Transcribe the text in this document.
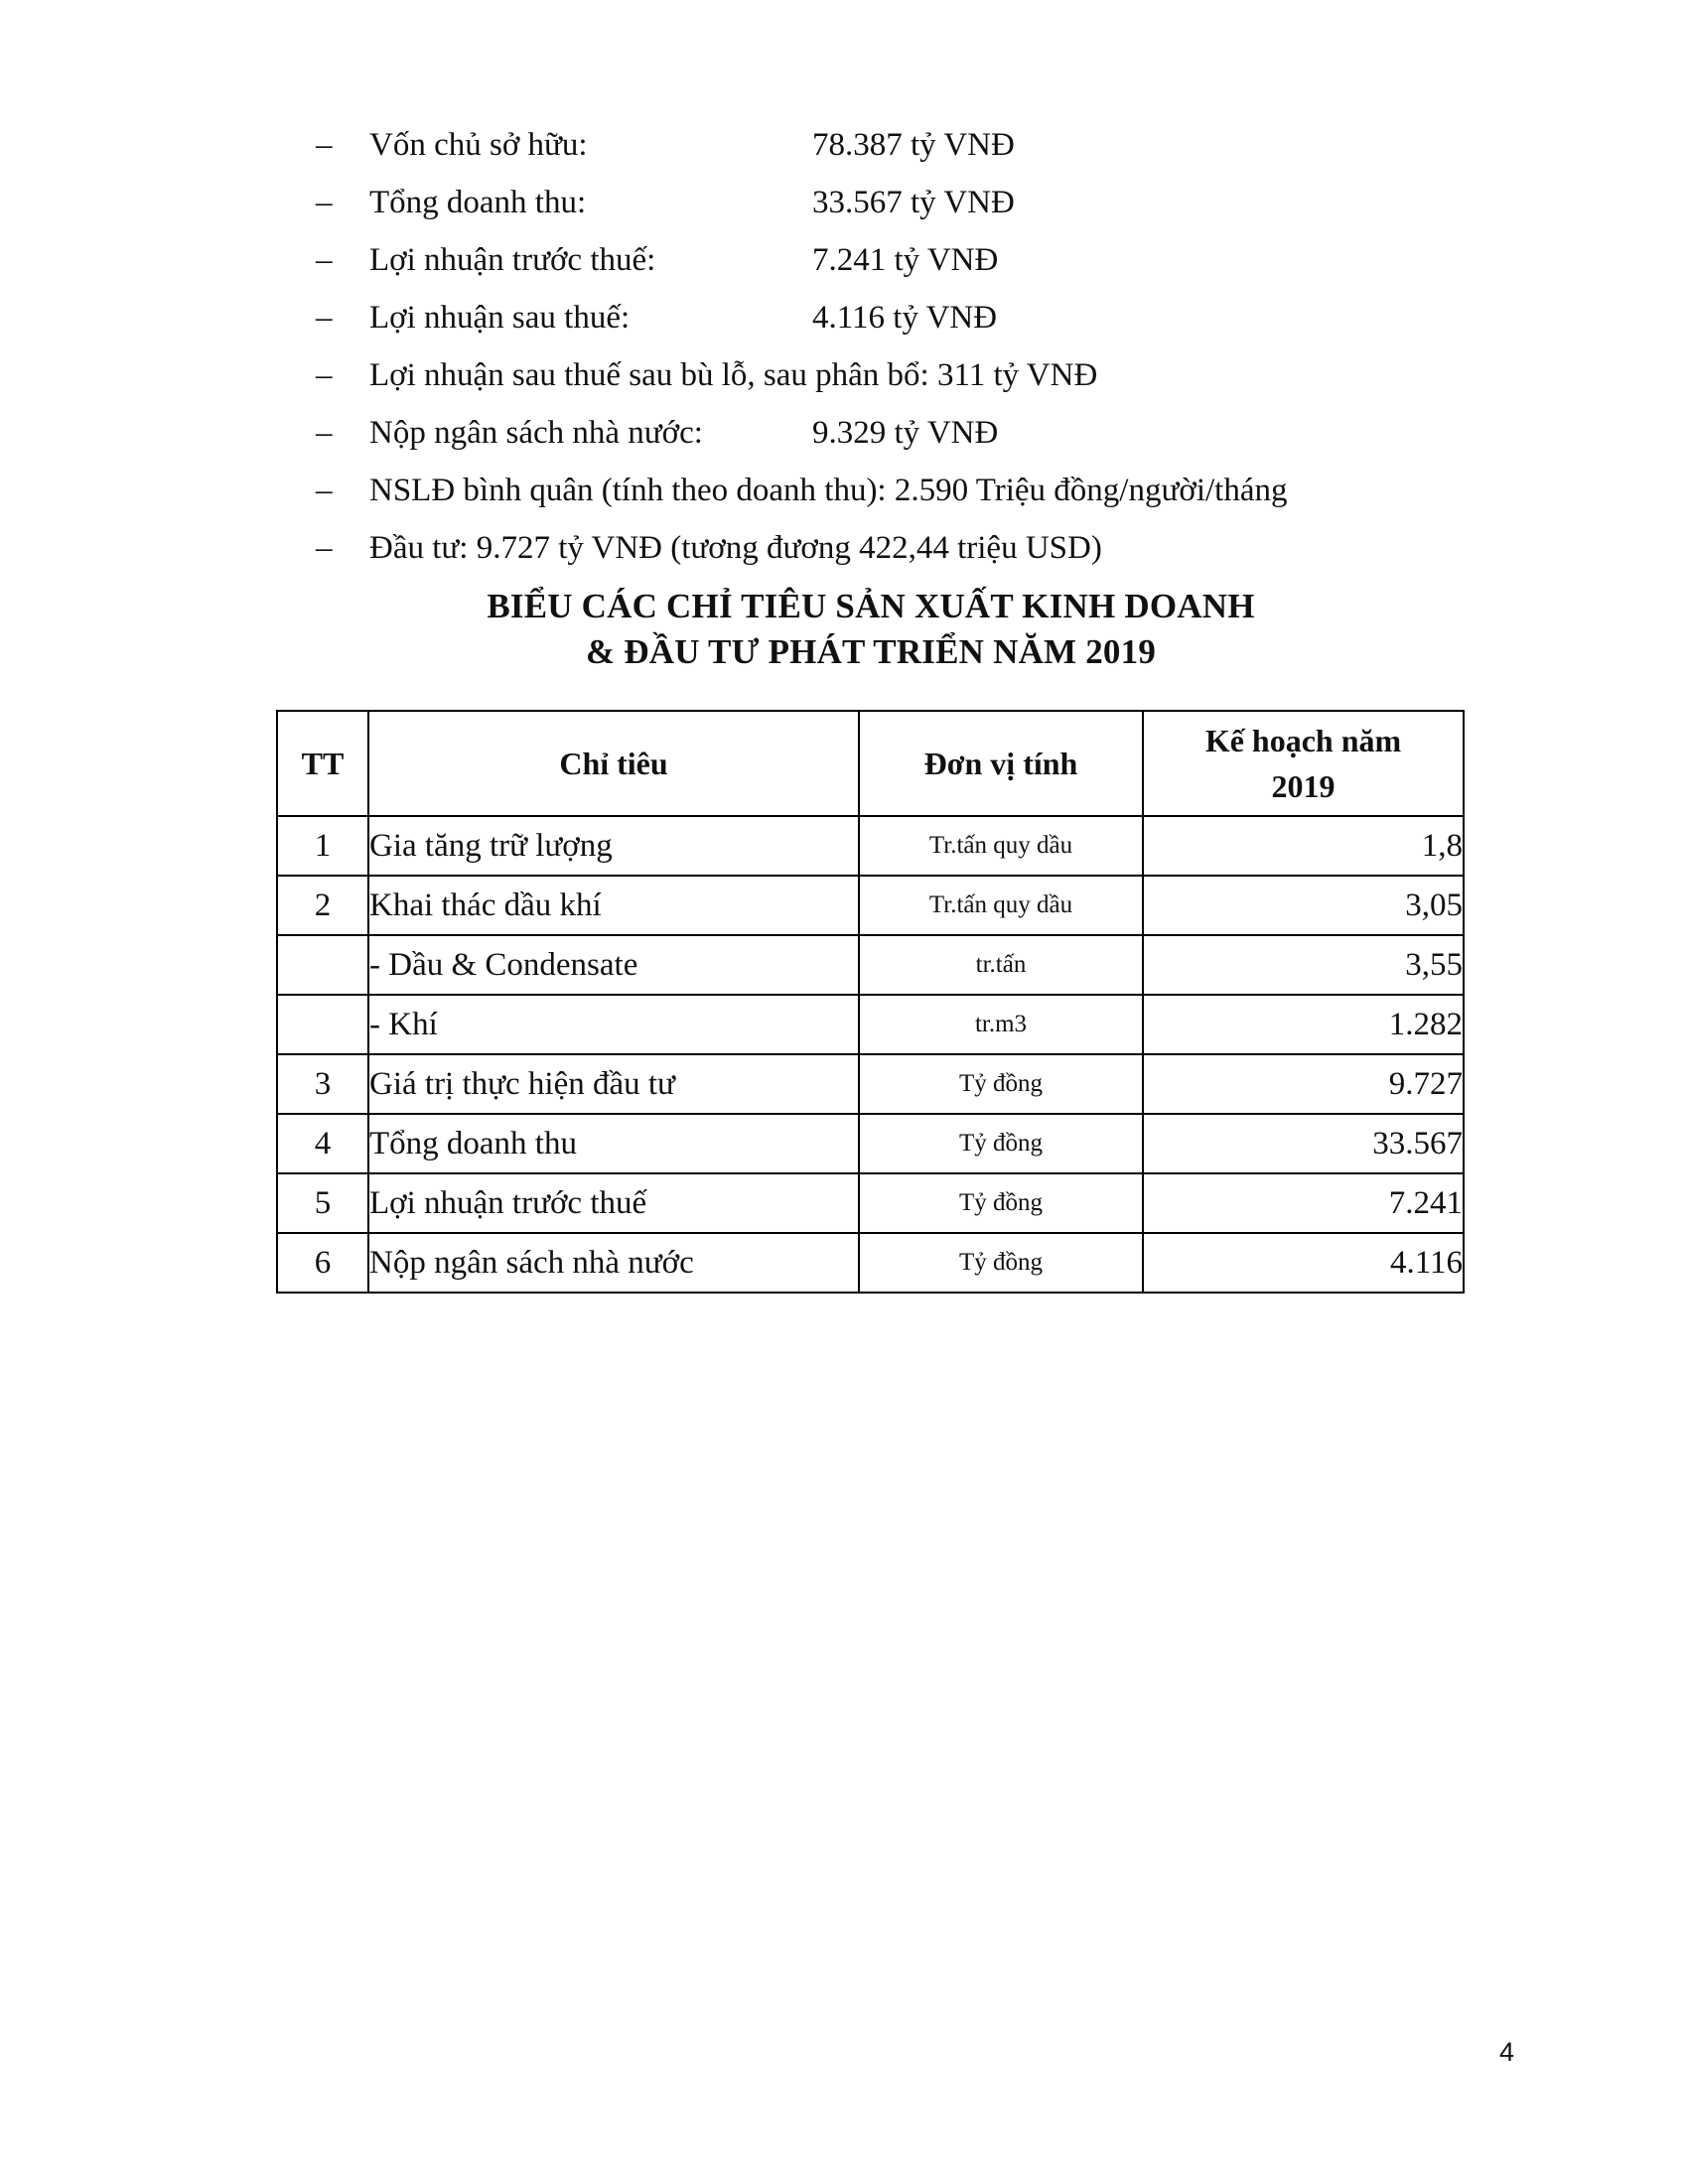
–	Vốn chủ sở hữu:	78.387 tỷ VNĐ
–	Tổng doanh thu:	33.567 tỷ VNĐ
–	Lợi nhuận trước thuế:	7.241 tỷ VNĐ
–	Lợi nhuận sau thuế:	4.116 tỷ VNĐ
–	Lợi nhuận sau thuế sau bù lỗ, sau phân bổ: 311 tỷ VNĐ
–	Nộp ngân sách nhà nước:	9.329 tỷ VNĐ
–	NSLĐ bình quân (tính theo doanh thu): 2.590 Triệu đồng/người/tháng
–	Đầu tư: 9.727 tỷ VNĐ (tương đương 422,44 triệu USD)
BIỂU CÁC CHỈ TIÊU SẢN XUẤT KINH DOANH
& ĐẦU TƯ PHÁT TRIỂN NĂM 2019
TT	Chỉ tiêu	Đơn vị tính	Kế hoạch năm 2019
1	Gia tăng trữ lượng	Tr.tấn quy dầu	1,8
2	Khai thác dầu khí	Tr.tấn quy dầu	3,05
	- Dầu & Condensate	tr.tấn	3,55
	- Khí	tr.m3	1.282
3	Giá trị thực hiện đầu tư	Tỷ đồng	9.727
4	Tổng doanh thu	Tỷ đồng	33.567
5	Lợi nhuận trước thuế	Tỷ đồng	7.241
6	Nộp ngân sách nhà nước	Tỷ đồng	4.116
4
